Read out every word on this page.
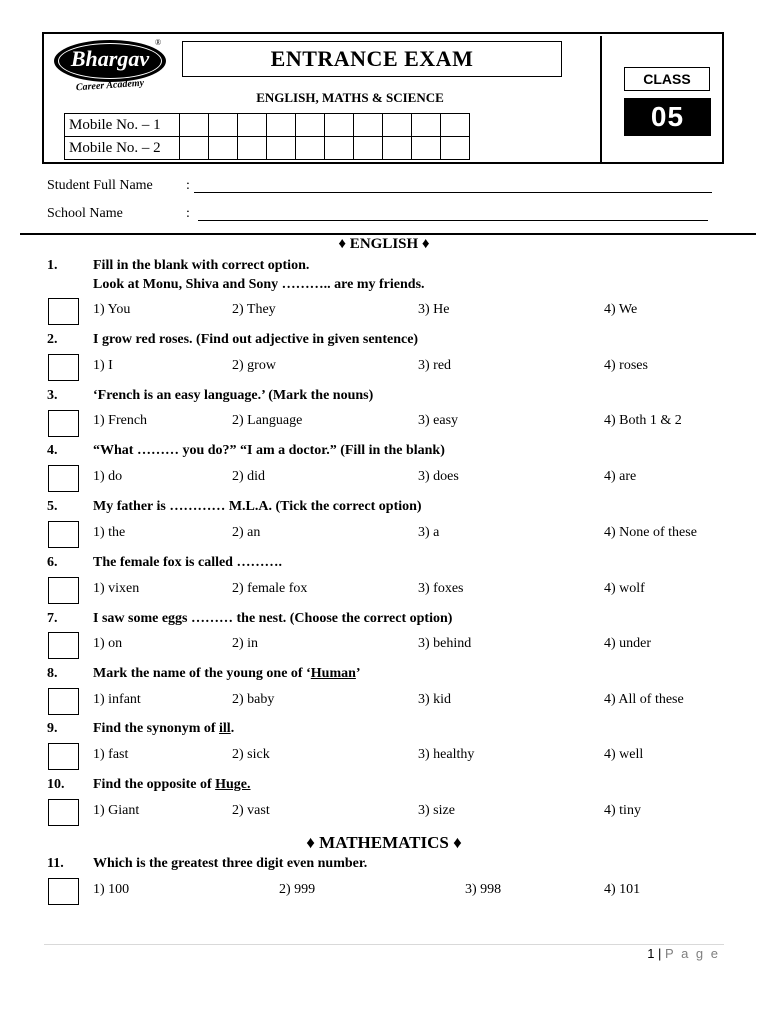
Bhargav
®
Career Academy
ENTRANCE EXAM
ENGLISH, MATHS & SCIENCE
Mobile No. – 1										
Mobile No. – 2										
CLASS
05
Student Full Name :
School Name	:
♦ ENGLISH ♦
1.	Fill in the blank with correct option.
Look at Monu, Shiva and Sony ……….. are my friends.
1) You	2) They	3) He	4) We
2.	I grow red roses. (Find out adjective in given sentence)
1) I	2) grow	3) red	4) roses
3.	‘French is an easy language.’ (Mark the nouns)
1) French	2) Language	3) easy	4) Both 1 & 2
4.	“What ……… you do?” “I am a doctor.” (Fill in the blank)
1) do	2) did	3) does	4) are
5.	My father is ………… M.L.A. (Tick the correct option)
1) the	2) an	3) a	4) None of these
6.	The female fox is called ……….
1) vixen	2) female fox	3) foxes	4) wolf
7.	I saw some eggs ……… the nest. (Choose the correct option)
1) on	2) in	3) behind	4) under
8.	Mark the name of the young one of ‘Human’
1) infant	2) baby	3) kid	4) All of these
9.	Find the synonym of ill.
1) fast	2) sick	3) healthy	4) well
10. Find the opposite of Huge.
1) Giant	2) vast	3) size	4) tiny
♦ MATHEMATICS ♦
11. Which is the greatest three digit even number.
1) 100	2) 999	3) 998	4) 101
1 | P a g e
